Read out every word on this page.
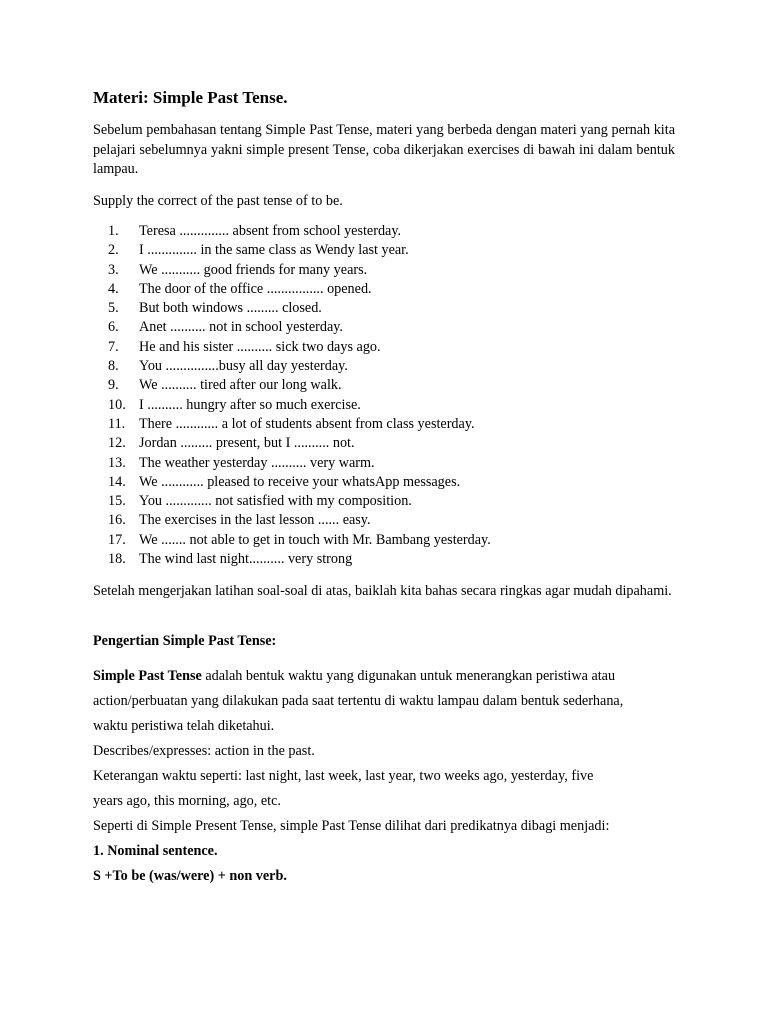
Materi: Simple Past Tense.

Sebelum pembahasan tentang Simple Past Tense, materi yang berbeda dengan materi yang pernah kita pelajari sebelumnya yakni simple present Tense, coba dikerjakan exercises di bawah ini dalam bentuk lampau.

Supply the correct of the past tense of to be.

1.	Teresa .............. absent from school yesterday.
2.	I .............. in the same class as Wendy last year.
3.	We ........... good friends for many years.
4.	The door of the office ................ opened.
5.	But both windows ......... closed.
6.	Anet .......... not in school yesterday.
7.	He and his sister .......... sick two days ago.
8.	You ...............busy all day yesterday.
9.	We .......... tired after our long walk.
10. I .......... hungry after so much exercise.
11. There ............ a lot of students absent from class yesterday.
12. Jordan ......... present, but I .......... not.
13. The weather yesterday .......... very warm.
14. We ............ pleased to receive your whatsApp messages.
15. You ............. not satisfied with my composition.
16. The exercises in the last lesson ...... easy.
17. We ....... not able to get in touch with Mr. Bambang yesterday.
18. The wind last night.......... very strong

Setelah mengerjakan latihan soal-soal di atas, baiklah kita bahas secara ringkas agar mudah dipahami.

Pengertian Simple Past Tense:

Simple Past Tense adalah bentuk waktu yang digunakan untuk menerangkan peristiwa atau

action/perbuatan yang dilakukan pada saat tertentu di waktu lampau dalam bentuk sederhana,

waktu peristiwa telah diketahui.

Describes/expresses: action in the past.

Keterangan waktu seperti: last night, last week, last year, two weeks ago, yesterday, five

years ago, this morning, ago, etc.

Seperti di Simple Present Tense, simple Past Tense dilihat dari predikatnya dibagi menjadi:

1. Nominal sentence.

S +To be (was/were) + non verb.
